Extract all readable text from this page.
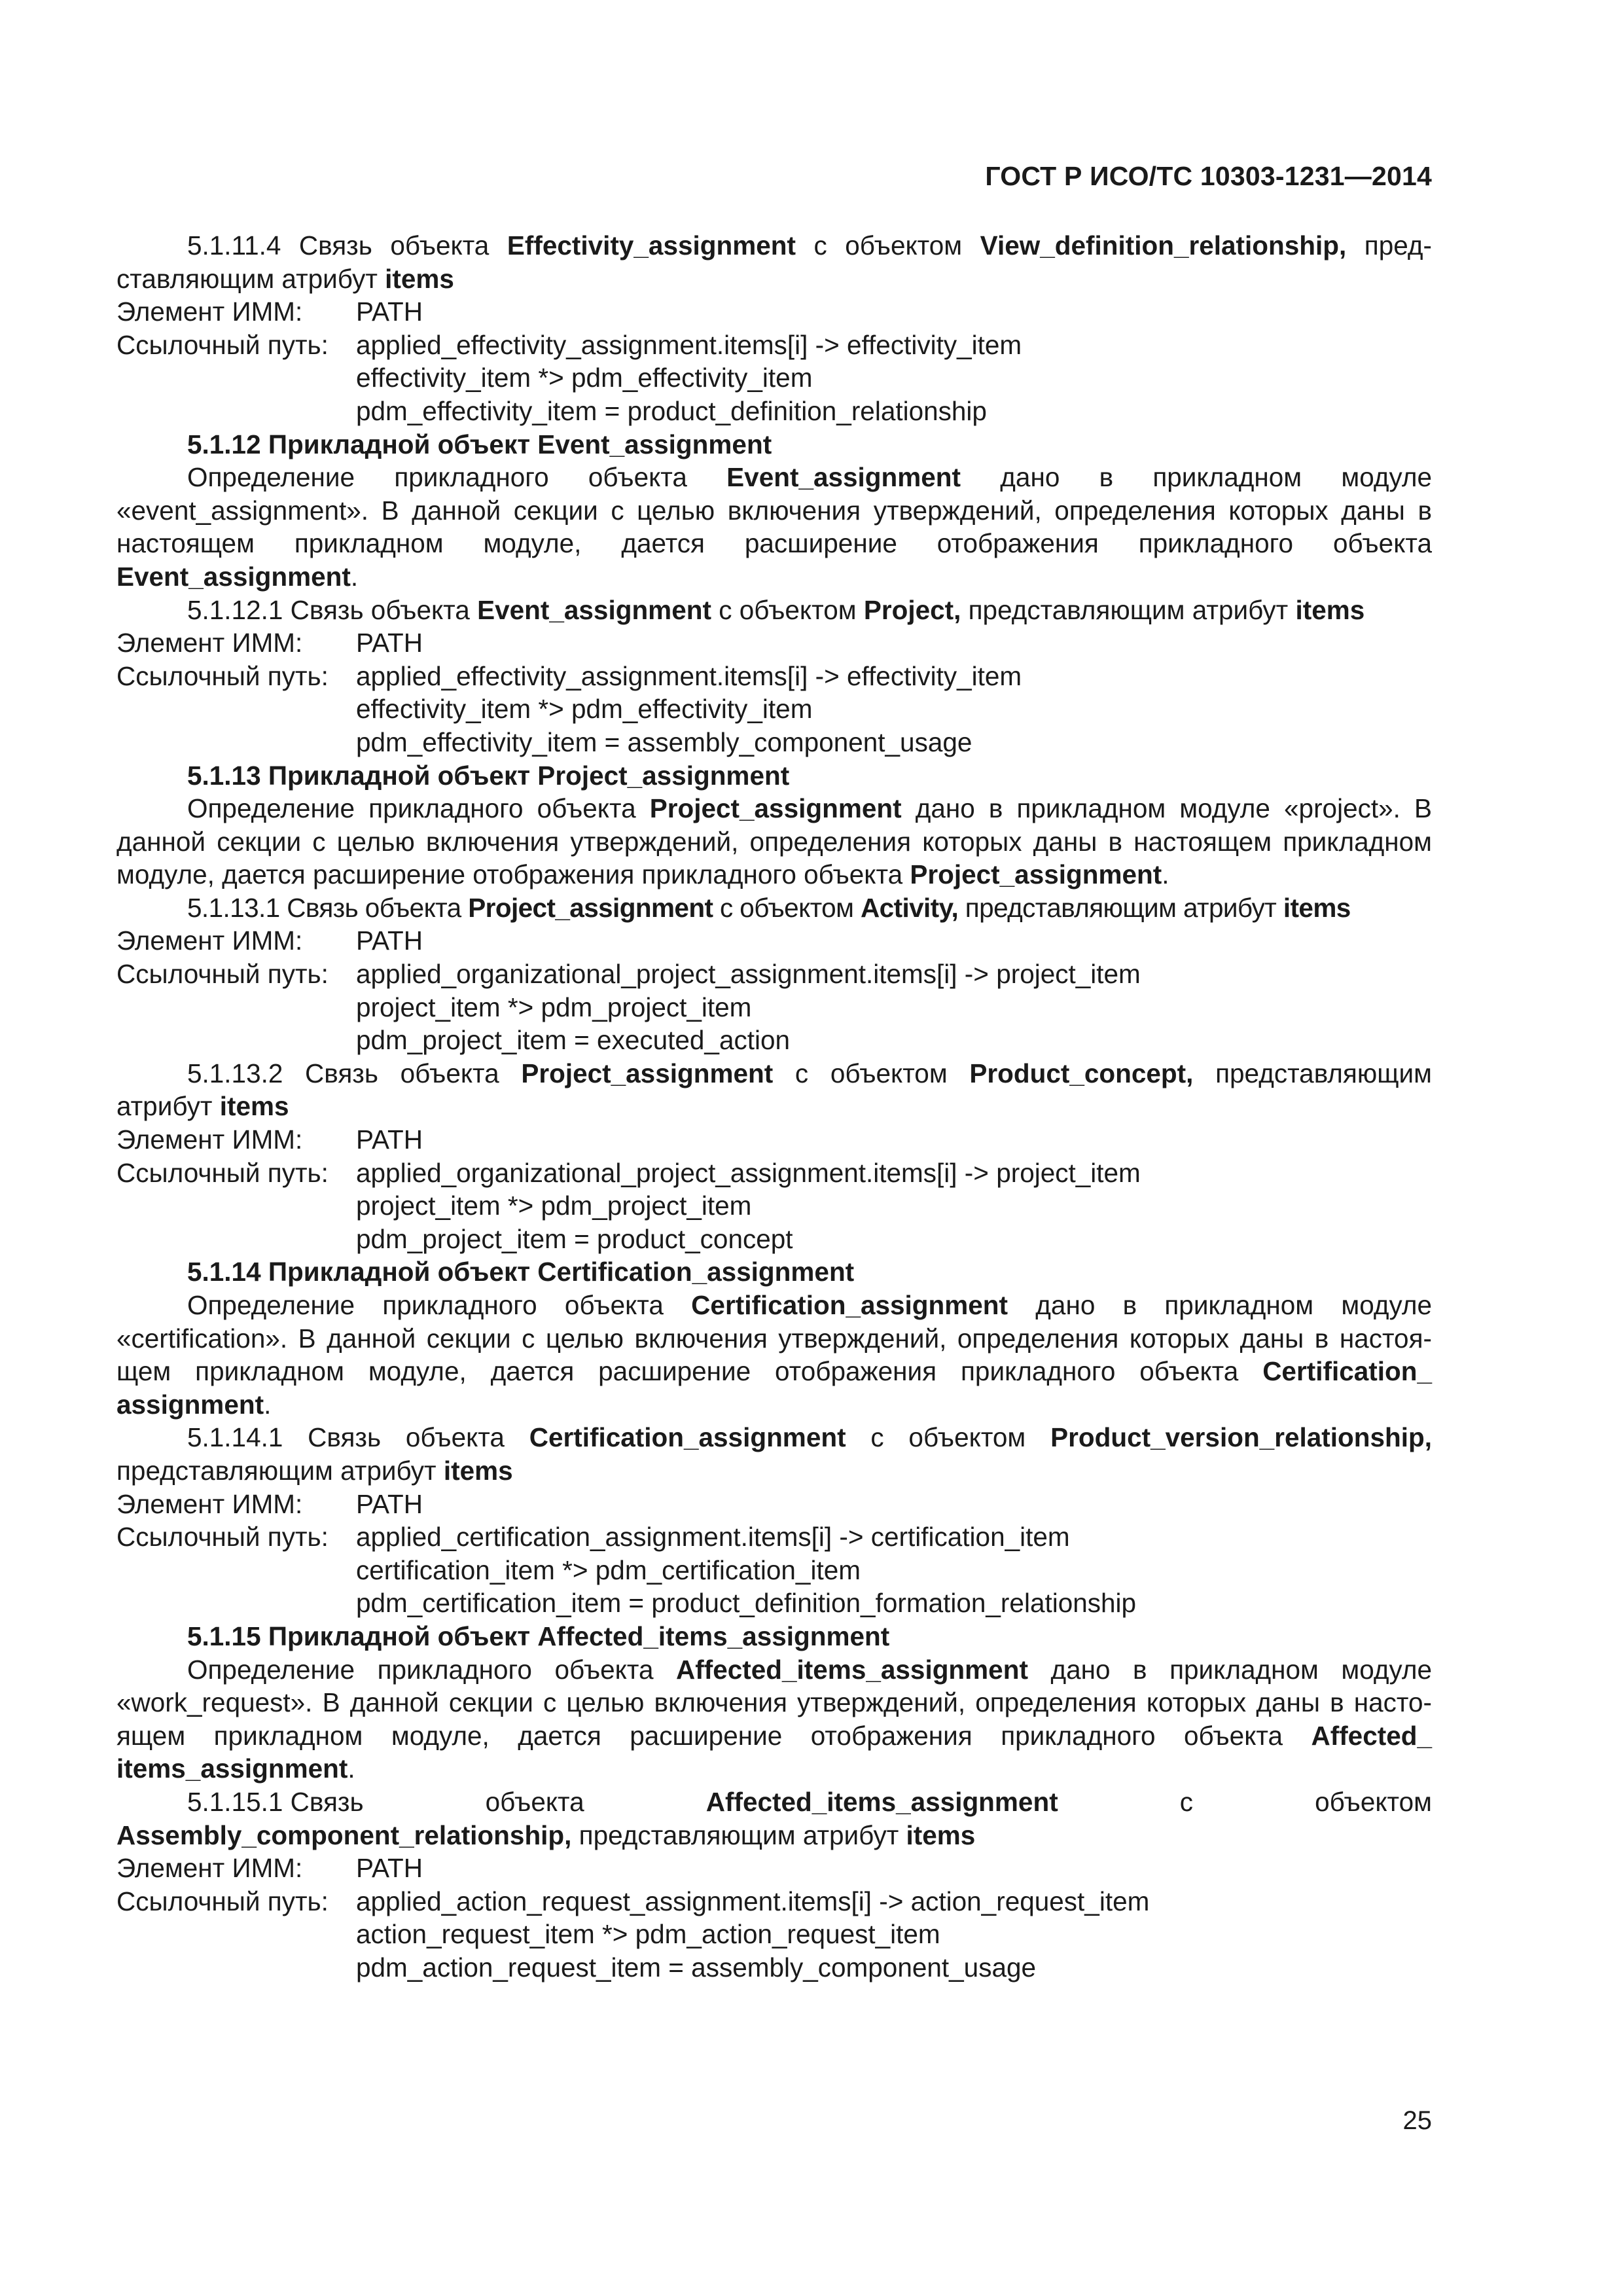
ГОСТ Р ИСО/ТС 10303-1231—2014

5.1.11.4 Связь объекта Effectivity_assignment с объектом View_definition_relationship, пред-ставляющим атрибут items

Элемент ИММ:	PATH
Ссылочный путь:	applied_effectivity_assignment.items[i] -> effectivity_item
effectivity_item *> pdm_effectivity_item
pdm_effectivity_item = product_definition_relationship

5.1.12 Прикладной объект Event_assignment

Определение прикладного объекта Event_assignment дано в прикладном модуле «event_assignment». В данной секции с целью включения утверждений, определения которых даны в настоящем прикладном модуле, дается расширение отображения прикладного объекта Event_assignment.

5.1.12.1 Связь объекта Event_assignment с объектом Project, представляющим атрибут items

Элемент ИММ:	PATH
Ссылочный путь:	applied_effectivity_assignment.items[i] -> effectivity_item
effectivity_item *> pdm_effectivity_item
pdm_effectivity_item = assembly_component_usage

5.1.13 Прикладной объект Project_assignment

Определение прикладного объекта Project_assignment дано в прикладном модуле «project». В данной секции с целью включения утверждений, определения которых даны в настоящем прикладном модуле, дается расширение отображения прикладного объекта Project_assignment.

5.1.13.1 Связь объекта Project_assignment с объектом Activity, представляющим атрибут items

Элемент ИММ:	PATH
Ссылочный путь:	applied_organizational_project_assignment.items[i] -> project_item
project_item *> pdm_project_item
pdm_project_item = executed_action

5.1.13.2 Связь объекта Project_assignment с объектом Product_concept, представляющим атрибут items

Элемент ИММ:	PATH
Ссылочный путь:	applied_organizational_project_assignment.items[i] -> project_item
project_item *> pdm_project_item
pdm_project_item = product_concept

5.1.14 Прикладной объект Certification_assignment

Определение прикладного объекта Certification_assignment дано в прикладном модуле «certification». В данной секции с целью включения утверждений, определения которых даны в настоя-щем прикладном модуле, дается расширение отображения прикладного объекта Certification_ assignment.

5.1.14.1 Связь объекта Certification_assignment с объектом Product_version_relationship, представляющим атрибут items

Элемент ИММ:	PATH
Ссылочный путь:	applied_certification_assignment.items[i] -> certification_item
certification_item *> pdm_certification_item
pdm_certification_item = product_definition_formation_relationship

5.1.15 Прикладной объект Affected_items_assignment

Определение прикладного объекта Affected_items_assignment дано в прикладном модуле «work_request». В данной секции с целью включения утверждений, определения которых даны в насто-ящем прикладном модуле, дается расширение отображения прикладного объекта Affected_ items_assignment.

5.1.15.1 Связь	объекта	Affected_items_assignment	с	объектом

Assembly_component_relationship, представляющим атрибут items

Элемент ИММ:	PATH
Ссылочный путь:	applied_action_request_assignment.items[i] -> action_request_item
action_request_item *> pdm_action_request_item
pdm_action_request_item = assembly_component_usage
25
